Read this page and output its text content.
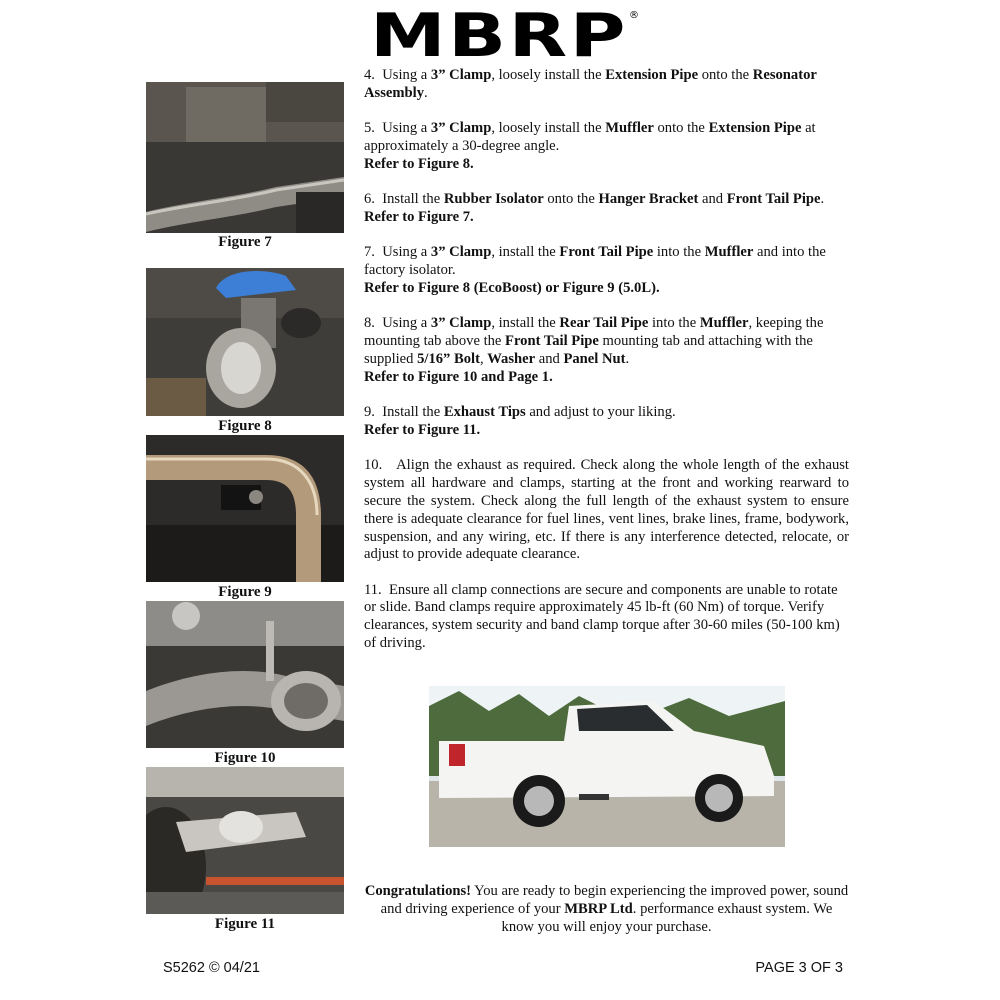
MBRP ®
Figure 7
Figure 8
Figure 9
Figure 10
Figure 11

4. Using a 3” Clamp, loosely install the Extension Pipe onto the Resonator Assembly.

5. Using a 3” Clamp, loosely install the Muffler onto the Extension Pipe at approximately a 30-degree angle.
Refer to Figure 8.

6. Install the Rubber Isolator onto the Hanger Bracket and Front Tail Pipe.
Refer to Figure 7.

7. Using a 3” Clamp, install the Front Tail Pipe into the Muffler and into the factory isolator.
Refer to Figure 8 (EcoBoost) or Figure 9 (5.0L).

8. Using a 3” Clamp, install the Rear Tail Pipe into the Muffler, keeping the mounting tab above the Front Tail Pipe mounting tab and attaching with the supplied 5/16” Bolt, Washer and Panel Nut.
Refer to Figure 10 and Page 1.

9. Install the Exhaust Tips and adjust to your liking.
Refer to Figure 11.

10. Align the exhaust as required. Check along the whole length of the exhaust system all hardware and clamps, starting at the front and working rearward to secure the system. Check along the full length of the exhaust system to ensure there is adequate clearance for fuel lines, vent lines, brake lines, frame, bodywork, suspension, and any wiring, etc. If there is any interference detected, relocate, or adjust to provide adequate clearance.

11. Ensure all clamp connections are secure and components are unable to rotate or slide. Band clamps require approximately 45 lb-ft (60 Nm) of torque. Verify clearances, system security and band clamp torque after 30-60 miles (50-100 km) of driving.

Congratulations! You are ready to begin experiencing the improved power, sound and driving experience of your MBRP Ltd. performance exhaust system. We know you will enjoy your purchase.
S5262 © 04/21	PAGE 3 OF 3
